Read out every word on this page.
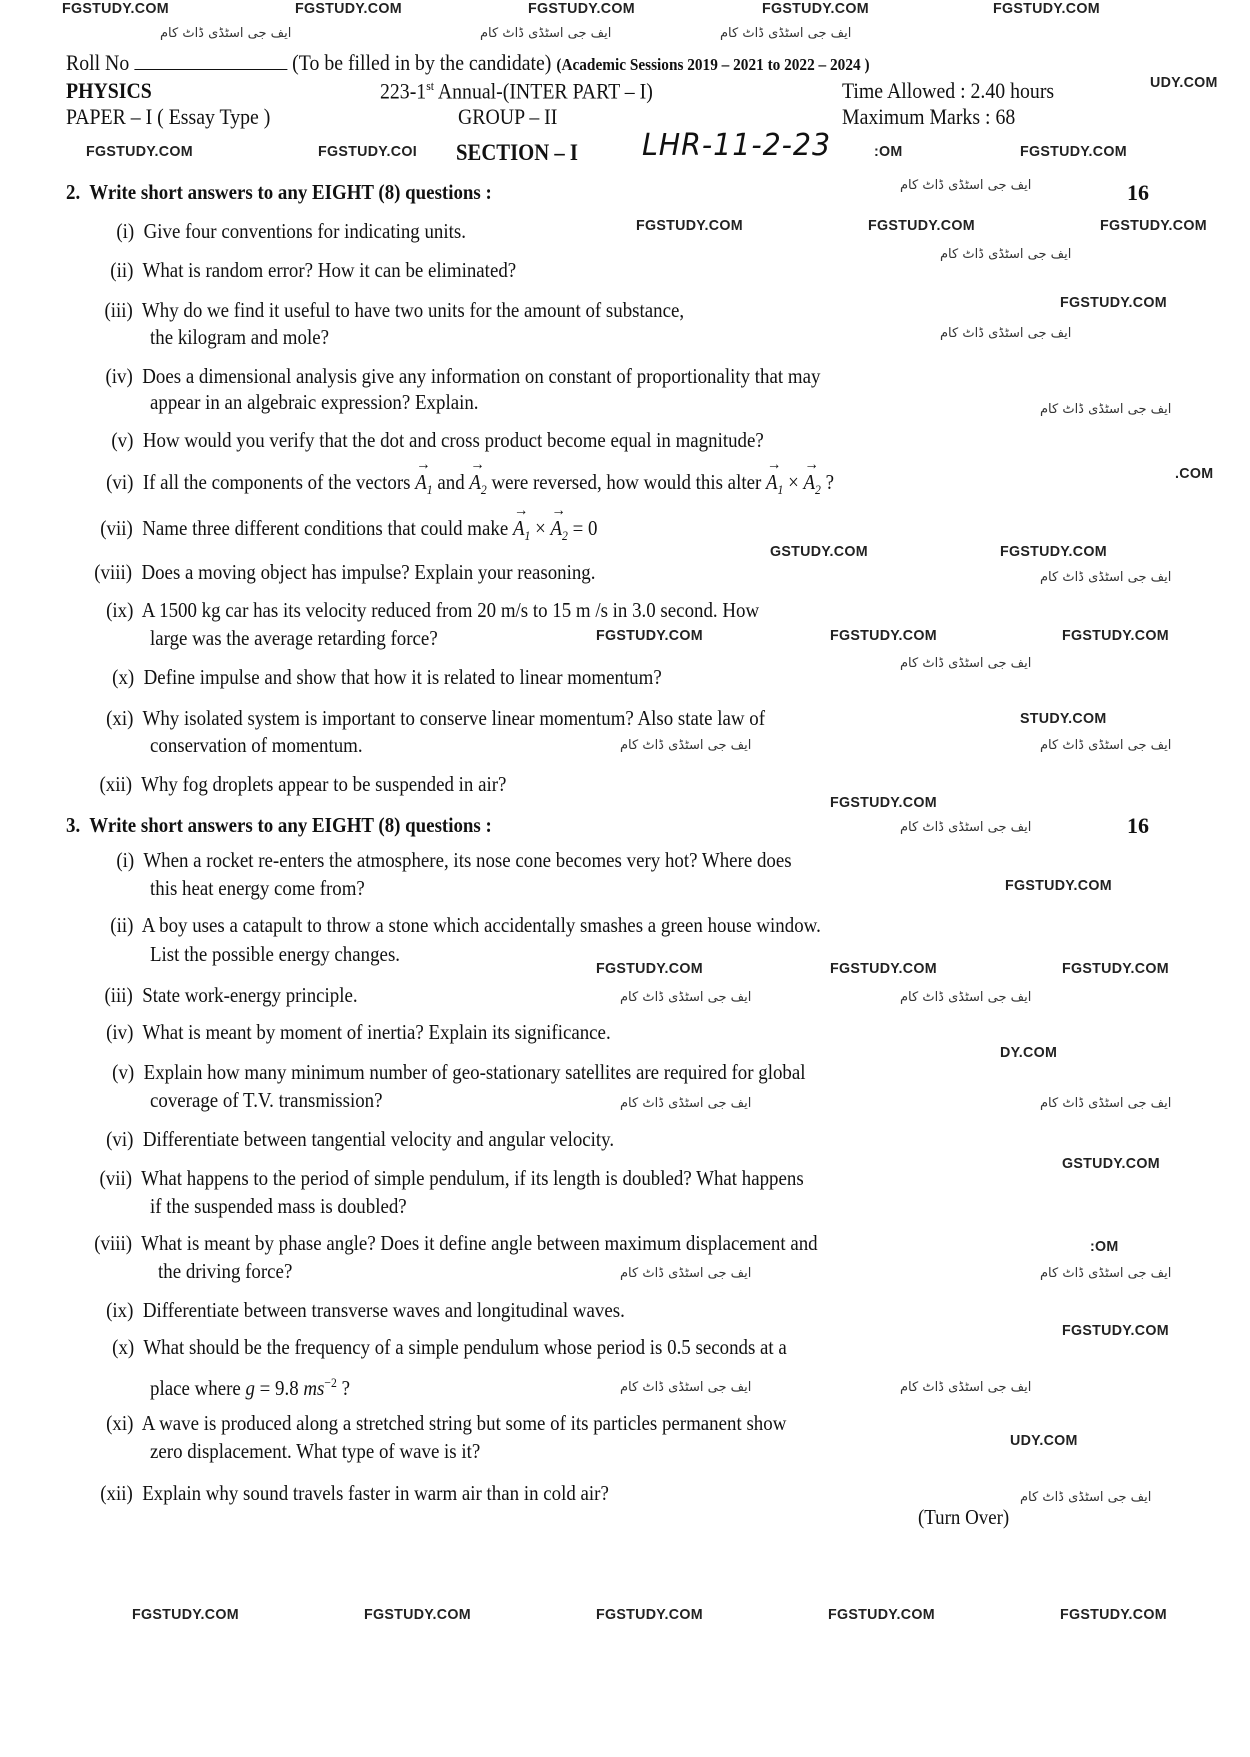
FGSTUDY.COM	FGSTUDY.COM	FGSTUDY.COM	FGSTUDY.COM	FGSTUDY.COM
ایف جی اسٹڈی ڈاٹ کام	ایف جی اسٹڈی ڈاٹ کام	ایف جی اسٹڈی ڈاٹ کام
Roll No	(To be filled in by the candidate) (Academic Sessions 2019 – 2021 to 2022 – 2024 )
UDY.COM
PHYSICS	223-1st Annual-(INTER PART – I)	Time Allowed : 2.40 hours
PAPER – I ( Essay Type )	GROUP – II	Maximum Marks : 68
FGSTUDY.COM	FGSTUDY.COI SECTION – I LHR-11-2-23	:OM	FGSTUDY.COM
2. Write short answers to any EIGHT (8) questions :	ایف جی اسٹڈی ڈاٹ کام	16
(i) Give four conventions for indicating units.	FGSTUDY.COM	FGSTUDY.COM	FGSTUDY.COM
(ii) What is random error? How it can be eliminated?
ایف جی اسٹڈی ڈاٹ کام
(iii) Why do we find it useful to have two units for the amount of substance,
the kilogram and mole?
FGSTUDY.COM
ایف جی اسٹڈی ڈاٹ کام
(iv) Does a dimensional analysis give any information on constant of proportionality that may
appear in an algebraic expression? Explain.	ایف جی اسٹڈی ڈاٹ کام
(v) How would you verify that the dot and cross product become equal in magnitude?
(vi) If all the components of the vectors → $A_1$ and → $A_2$ were reversed, how would this alter → $A_1$ × → $A_2$ ?	.COM
(vii) Name three different conditions that could make → $A_1$ × → $A_2 = 0$
GSTUDY.COM	FGSTUDY.COM
(viii) Does a moving object has impulse? Explain your reasoning.	ایف جی اسٹڈی ڈاٹ کام
(ix) A 1500 kg car has its velocity reduced from 20 m/s to 15 m /s in 3.0 second. How
large was the average retarding force?	FGSTUDY.COM	FGSTUDY.COM	FGSTUDY.COM
(x) Define impulse and show that how it is related to linear momentum?
ایف جی اسٹڈی ڈاٹ کام
(xi) Why isolated system is important to conserve linear momentum? Also state law of
conservation of momentum.
STUDY.COM
ایف جی اسٹڈی ڈاٹ کام	ایف جی اسٹڈی ڈاٹ کام
(xii) Why fog droplets appear to be suspended in air?
FGSTUDY.COM
3. Write short answers to any EIGHT (8) questions :	ایف جی اسٹڈی ڈاٹ کام	16
(i) When a rocket re-enters the atmosphere, its nose cone becomes very hot? Where does
this heat energy come from?	FGSTUDY.COM
(ii) A boy uses a catapult to throw a stone which accidentally smashes a green house window.
List the possible energy changes.
FGSTUDY.COM	FGSTUDY.COM	FGSTUDY.COM
(iii) State work-energy principle.	ایف جی اسٹڈی ڈاٹ کام	ایف جی اسٹڈی ڈاٹ کام
(iv) What is meant by moment of inertia? Explain its significance.
DY.COM
(v) Explain how many minimum number of geo-stationary satellites are required for global
coverage of T.V. transmission?	ایف جی اسٹڈی ڈاٹ کام	ایف جی اسٹڈی ڈاٹ کام
(vi) Differentiate between tangential velocity and angular velocity.
(vii) What happens to the period of simple pendulum, if its length is doubled? What happens
if the suspended mass is doubled?
GSTUDY.COM
(viii) What is meant by phase angle? Does it define angle between maximum displacement and
the driving force?
:OM
ایف جی اسٹڈی ڈاٹ کام	ایف جی اسٹڈی ڈاٹ کام
(ix) Differentiate between transverse waves and longitudinal waves.
FGSTUDY.COM
(x) What should be the frequency of a simple pendulum whose period is 0.5 seconds at a
place where g = 9.8 $ms^{-2}$ ?	ایف جی اسٹڈی ڈاٹ کام	ایف جی اسٹڈی ڈاٹ کام
(xi) A wave is produced along a stretched string but some of its particles permanent show
zero displacement. What type of wave is it?	UDY.COM
(xii) Explain why sound travels faster in warm air than in cold air?	ایف جی اسٹڈی ڈاٹ کام
(Turn Over)
FGSTUDY.COM	FGSTUDY.COM	FGSTUDY.COM	FGSTUDY.COM	FGSTUDY.COM
